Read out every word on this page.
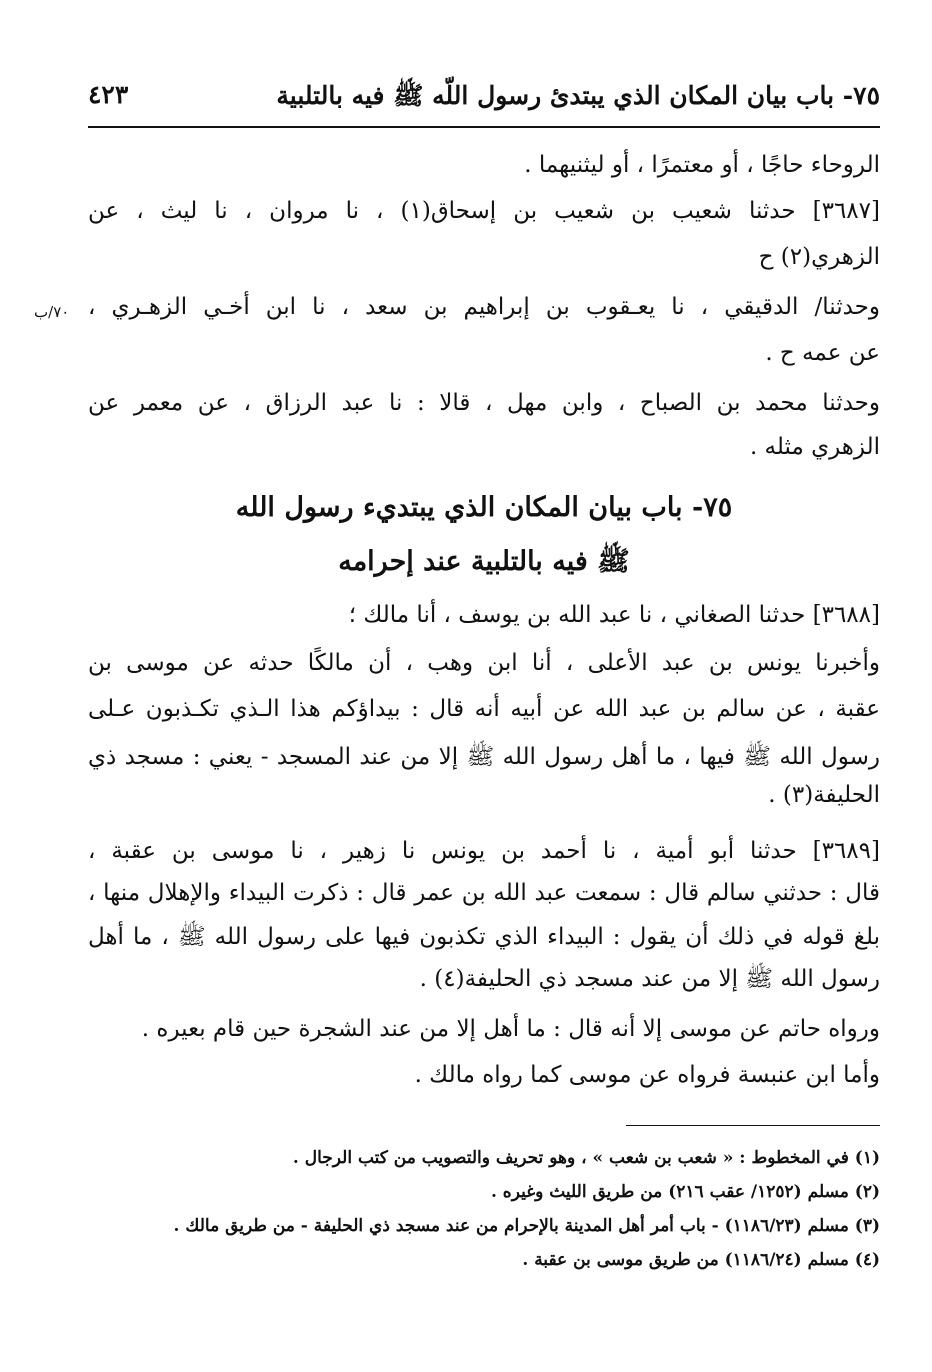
٧٥- باب بيان المكان الذي يبتدئ رسول اللّه ﷺ فيه بالتلبية
٤٢٣
٧٠/ب
الروحاء حاجًا ، أو معتمرًا ، أو ليثنيهما .
[٣٦٨٧] حدثنا شعيب بن شعيب بن إسحاق(١) ، نا مروان ، نا ليث ، عن
الزهري(٢) ح
وحدثنا/ الدقيقي ، نا يعـقوب بن إبراهيم بن سعد ، نا ابن أخـي الزهـري ،
عن عمه ح .
وحدثنا محمد بن الصباح ، وابن مهل ، قالا : نا عبد الرزاق ، عن معمر عن
الزهري مثله .
٧٥- باب بيان المكان الذي يبتديء رسول الله
ﷺ فيه بالتلبية عند إحرامه
[٣٦٨٨] حدثنا الصغاني ، نا عبد الله بن يوسف ، أنا مالك ؛
وأخبرنا يونس بن عبد الأعلى ، أنا ابن وهب ، أن مالكًا حدثه عن موسى بن
عقبة ، عن سالم بن عبد الله عن أبيه أنه قال : بيداؤكم هذا الـذي تكـذبون عـلى
رسول الله ﷺ فيها ، ما أهل رسول الله ﷺ إلا من عند المسجد - يعني : مسجد ذي
الحليفة(٣) .
[٣٦٨٩] حدثنا أبو أمية ، نا أحمد بن يونس نا زهير ، نا موسى بن عقبة ،
قال : حدثني سالم قال : سمعت عبد الله بن عمر قال : ذكرت البيداء والإهلال منها ،
بلغ قوله في ذلك أن يقول : البيداء الذي تكذبون فيها على رسول الله ﷺ ، ما أهل
رسول الله ﷺ إلا من عند مسجد ذي الحليفة(٤) .
ورواه حاتم عن موسى إلا أنه قال : ما أهل إلا من عند الشجرة حين قام بعيره .
وأما ابن عنبسة فرواه عن موسى كما رواه مالك .
(١) في المخطوط : « شعب بن شعب » ، وهو تحريف والتصويب من كتب الرجال .
(٢) مسلم (١٢٥٢/ عقب ٢١٦) من طريق الليث وغيره .
(٣) مسلم (١١٨٦/٢٣) - باب أمر أهل المدينة بالإحرام من عند مسجد ذي الحليفة - من طريق مالك .
(٤) مسلم (١١٨٦/٢٤) من طريق موسى بن عقبة .
